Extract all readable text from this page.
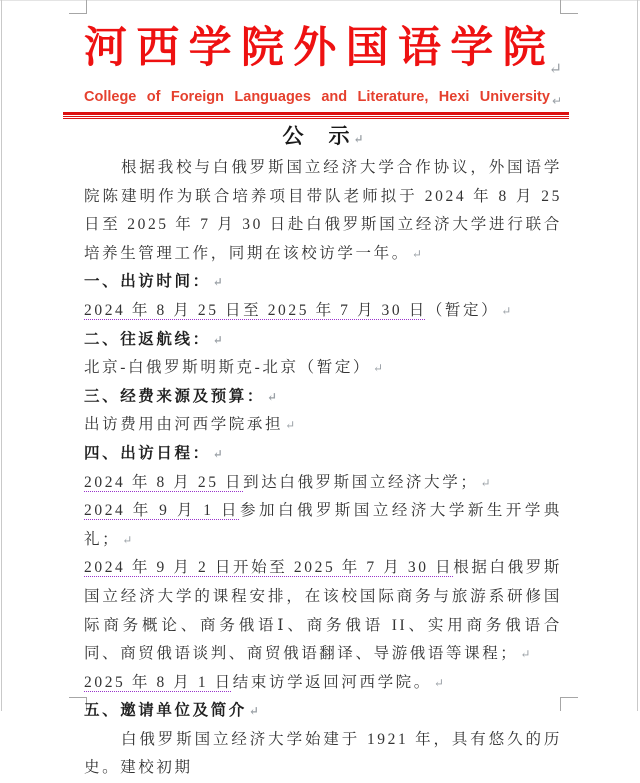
河西学院外国语学院 ↵
College of Foreign Languages and Literature, Hexi University ↵
公　示 ↵

根据我校与白俄罗斯国立经济大学合作协议，外国语学院陈建明作为联合培养项目带队老师拟于 2024 年 8 月 25 日至 2025 年 7 月 30 日赴白俄罗斯国立经济大学进行联合培养生管理工作，同期在该校访学一年。 ↵

一、出访时间： ↵

2024 年 8 月 25 日至 2025 年 7 月 30 日（暂定） ↵

二、往返航线： ↵

北京-白俄罗斯明斯克-北京（暂定） ↵

三、经费来源及预算： ↵

出访费用由河西学院承担 ↵

四、出访日程： ↵

2024 年 8 月 25 日到达白俄罗斯国立经济大学； ↵

2024 年 9 月 1 日参加白俄罗斯国立经济大学新生开学典礼； ↵

2024 年 9 月 2 日开始至 2025 年 7 月 30 日根据白俄罗斯国立经济大学的课程安排，在该校国际商务与旅游系研修国际商务概论、商务俄语Ⅰ、商务俄语 II、实用商务俄语合同、商贸俄语谈判、商贸俄语翻译、导游俄语等课程； ↵

2025 年 8 月 1 日结束访学返回河西学院。 ↵

五、邀请单位及简介 ↵

白俄罗斯国立经济大学始建于 1921 年，具有悠久的历史。建校初期
